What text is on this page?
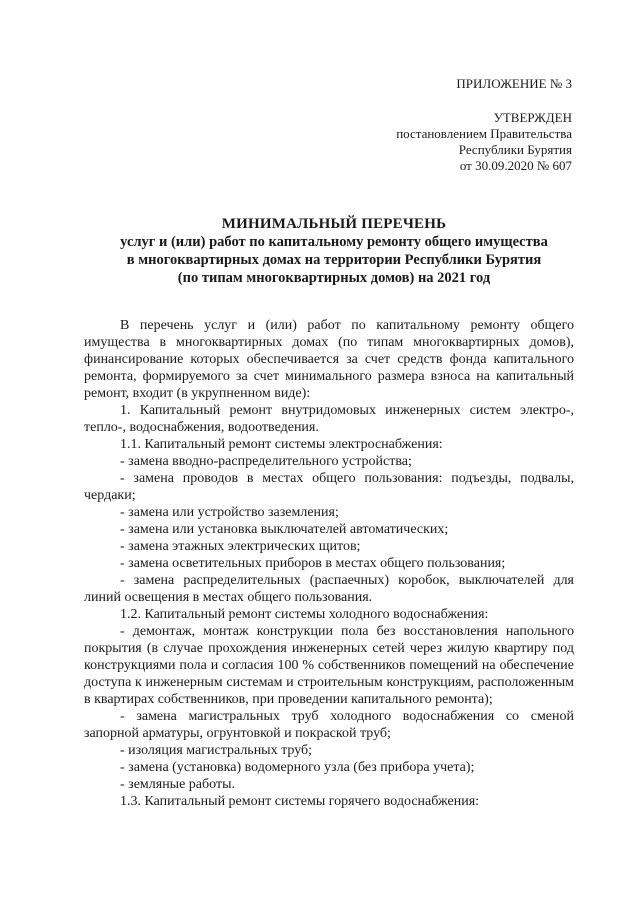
ПРИЛОЖЕНИЕ № 3
УТВЕРЖДЕН
постановлением Правительства
Республики Бурятия
от 30.09.2020 № 607
МИНИМАЛЬНЫЙ ПЕРЕЧЕНЬ
услуг и (или) работ по капитальному ремонту общего имущества
в многоквартирных домах на территории Республики Бурятия
(по типам многоквартирных домов) на 2021 год

В перечень услуг и (или) работ по капитальному ремонту общего имущества в многоквартирных домах (по типам многоквартирных домов), финансирование которых обеспечивается за счет средств фонда капитального ремонта, формируемого за счет минимального размера взноса на капитальный ремонт, входит (в укрупненном виде):

1. Капитальный ремонт внутридомовых инженерных систем электро-, тепло-, водоснабжения, водоотведения.

1.1. Капитальный ремонт системы электроснабжения:

- замена вводно-распределительного устройства;

- замена проводов в местах общего пользования: подъезды, подвалы, чердаки;

- замена или устройство заземления;

- замена или установка выключателей автоматических;

- замена этажных электрических щитов;

- замена осветительных приборов в местах общего пользования;

- замена распределительных (распаечных) коробок, выключателей для линий освещения в местах общего пользования.

1.2. Капитальный ремонт системы холодного водоснабжения:

- демонтаж, монтаж конструкции пола без восстановления напольного покрытия (в случае прохождения инженерных сетей через жилую квартиру под конструкциями пола и согласия 100 % собственников помещений на обеспечение доступа к инженерным системам и строительным конструкциям, расположенным в квартирах собственников, при проведении капитального ремонта);

- замена магистральных труб холодного водоснабжения со сменой запорной арматуры, огрунтовкой и покраской труб;

- изоляция магистральных труб;

- замена (установка) водомерного узла (без прибора учета);

- земляные работы.

1.3. Капитальный ремонт системы горячего водоснабжения:
